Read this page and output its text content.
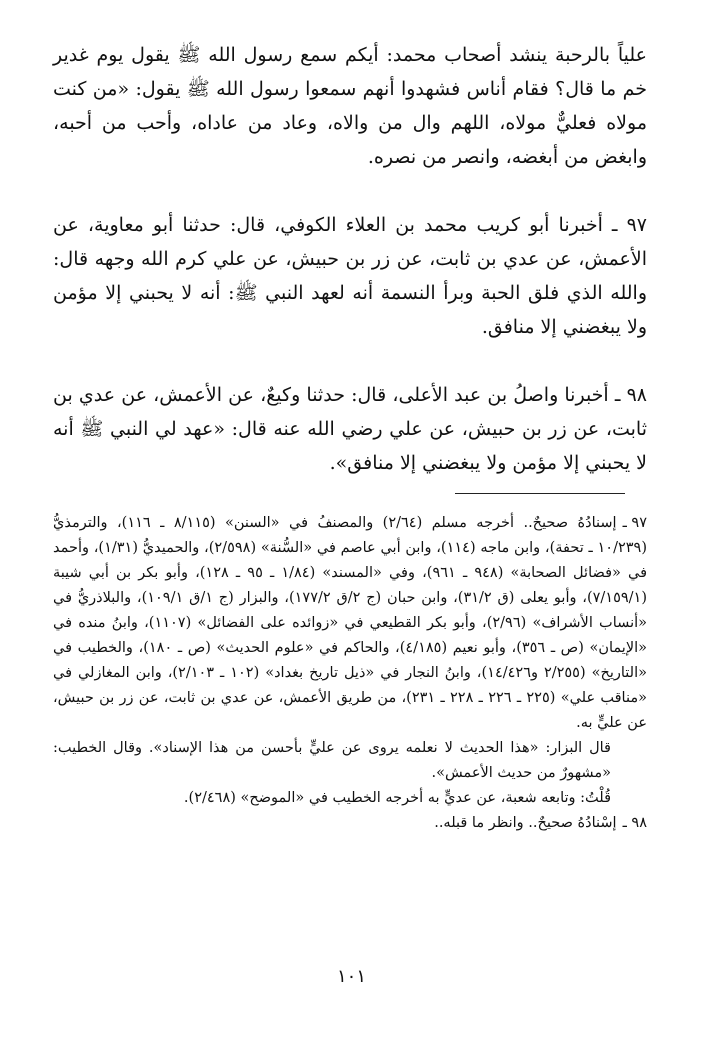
علياً بالرحبة ينشد أصحاب محمد: أيكم سمع رسول الله ﷺ يقول يوم غدير خم ما قال؟ فقام أناس فشهدوا أنهم سمعوا رسول الله ﷺ يقول: «من كنت مولاه فعليٌّ مولاه، اللهم وال من والاه، وعاد من عاداه، وأحب من أحبه، وابغض من أبغضه، وانصر من نصره.

٩٧ ـ أخبرنا أبو كريب محمد بن العلاء الكوفي، قال: حدثنا أبو معاوية، عن الأعمش، عن عدي بن ثابت، عن زر بن حبيش، عن علي كرم الله وجهه قال: والله الذي فلق الحبة وبرأ النسمة أنه لعهد النبي ﷺ: أنه لا يحبني إلا مؤمن ولا يبغضني إلا منافق.

٩٨ ـ أخبرنا واصلُ بن عبد الأعلى، قال: حدثنا وكيعٌ، عن الأعمش، عن عدي بن ثابت، عن زر بن حبيش، عن علي رضي الله عنه قال: «عهد لي النبي ﷺ أنه لا يحبني إلا مؤمن ولا يبغضني إلا منافق».

٩٧ ـإسنادُهُ صحيحٌ.. أخرجه مسلم (٢/٦٤) والمصنفُ في «السنن» (٨/١١٥ ـ ١١٦)، والترمذيُّ (١٠/٢٣٩ ـ تحفة)، وابن ماجه (١١٤)، وابن أبي عاصم في «السُّنة» (٢/٥٩٨)، والحميديُّ (١/٣١)، وأحمد في «فضائل الصحابة» (٩٤٨ ـ ٩٦١)، وفي «المسند» (١/٨٤ ـ ٩٥ ـ ١٢٨)، وأبو بكر بن أبي شيبة (٧/١٥٩/١)، وأبو يعلى (ق ٣١/٢)، وابن حبان (ج ٢/ق ١٧٧/٢)، والبزار (ج ١/ق ١٠٩/١)، والبلاذريُّ في «أنساب الأشراف» (٢/٩٦)، وأبو بكر القطيعي في «زوائده على الفضائل» (١١٠٧)، وابنُ منده في «الإيمان» (ص ـ ٣٥٦)، وأبو نعيم (٤/١٨٥)، والحاكم في «علوم الحديث» (ص ـ ١٨٠)، والخطيب في «التاريخ» (٢/٢٥٥ و١٤/٤٢٦)، وابنُ النجار في «ذيل تاريخ بغداد» (١٠٢ ـ ٢/١٠٣)، وابن المغازلي في «مناقب علي» (٢٢٥ ـ ٢٢٦ ـ ٢٢٨ ـ ٢٣١)، من طريق الأعمش، عن عدي بن ثابت، عن زر بن حبيش، عن عليٍّ به.

قال البزار: «هذا الحديث لا نعلمه يروى عن عليٍّ بأحسن من هذا الإسناد». وقال الخطيب: «مشهورٌ من حديث الأعمش».

قُلْتُ: وتابعه شعبة، عن عديٍّ به أخرجه الخطيب في «الموضح» (٢/٤٦٨).

٩٨ ـإسْنادُهُ صحيحٌ.. وانظر ما قبله..

١٠١
